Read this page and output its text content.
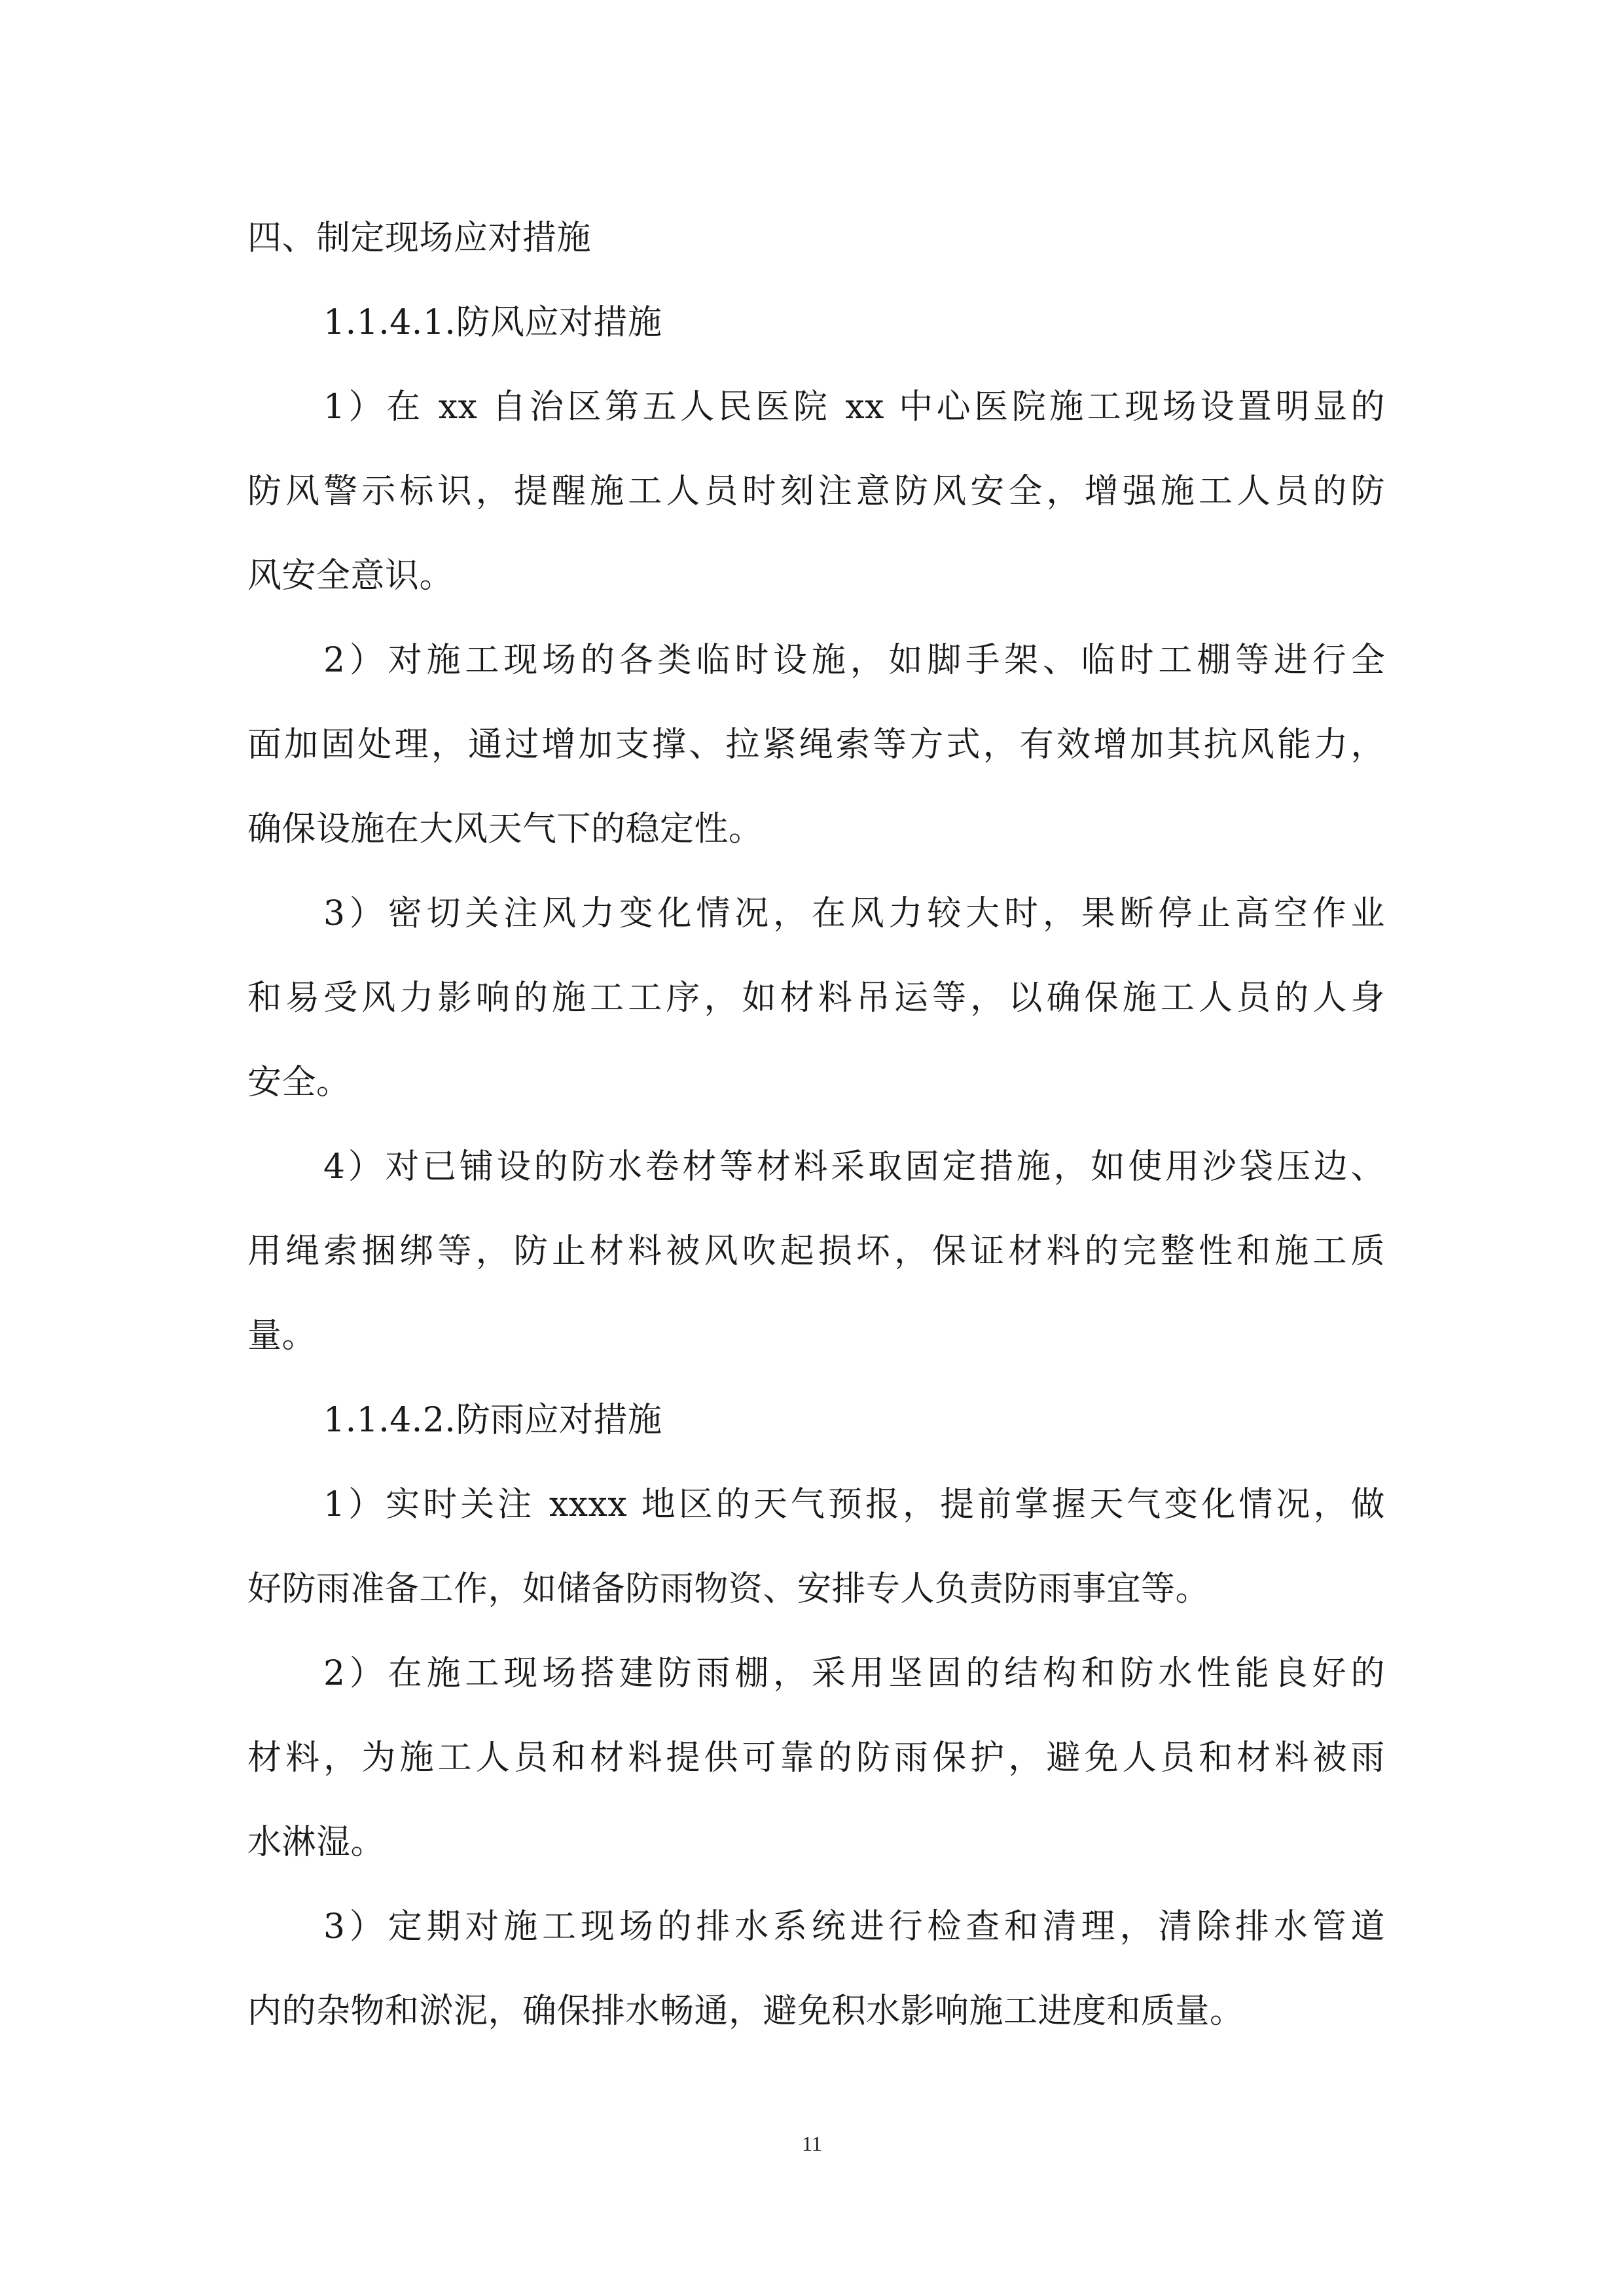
四、制定现场应对措施
1.1.4.1.防风应对措施
1）在 xx 自治区第五人民医院 xx 中心医院施工现场设置明显的
防风警示标识，提醒施工人员时刻注意防风安全，增强施工人员的防
风安全意识。
2）对施工现场的各类临时设施，如脚手架、临时工棚等进行全
面加固处理，通过增加支撑、拉紧绳索等方式，有效增加其抗风能力，
确保设施在大风天气下的稳定性。
3）密切关注风力变化情况，在风力较大时，果断停止高空作业
和易受风力影响的施工工序，如材料吊运等，以确保施工人员的人身
安全。
4）对已铺设的防水卷材等材料采取固定措施，如使用沙袋压边、
用绳索捆绑等，防止材料被风吹起损坏，保证材料的完整性和施工质
量。
1.1.4.2.防雨应对措施
1）实时关注 xxxx 地区的天气预报，提前掌握天气变化情况，做
好防雨准备工作，如储备防雨物资、安排专人负责防雨事宜等。
2）在施工现场搭建防雨棚，采用坚固的结构和防水性能良好的
材料，为施工人员和材料提供可靠的防雨保护，避免人员和材料被雨
水淋湿。
3）定期对施工现场的排水系统进行检查和清理，清除排水管道
内的杂物和淤泥，确保排水畅通，避免积水影响施工进度和质量。
11
